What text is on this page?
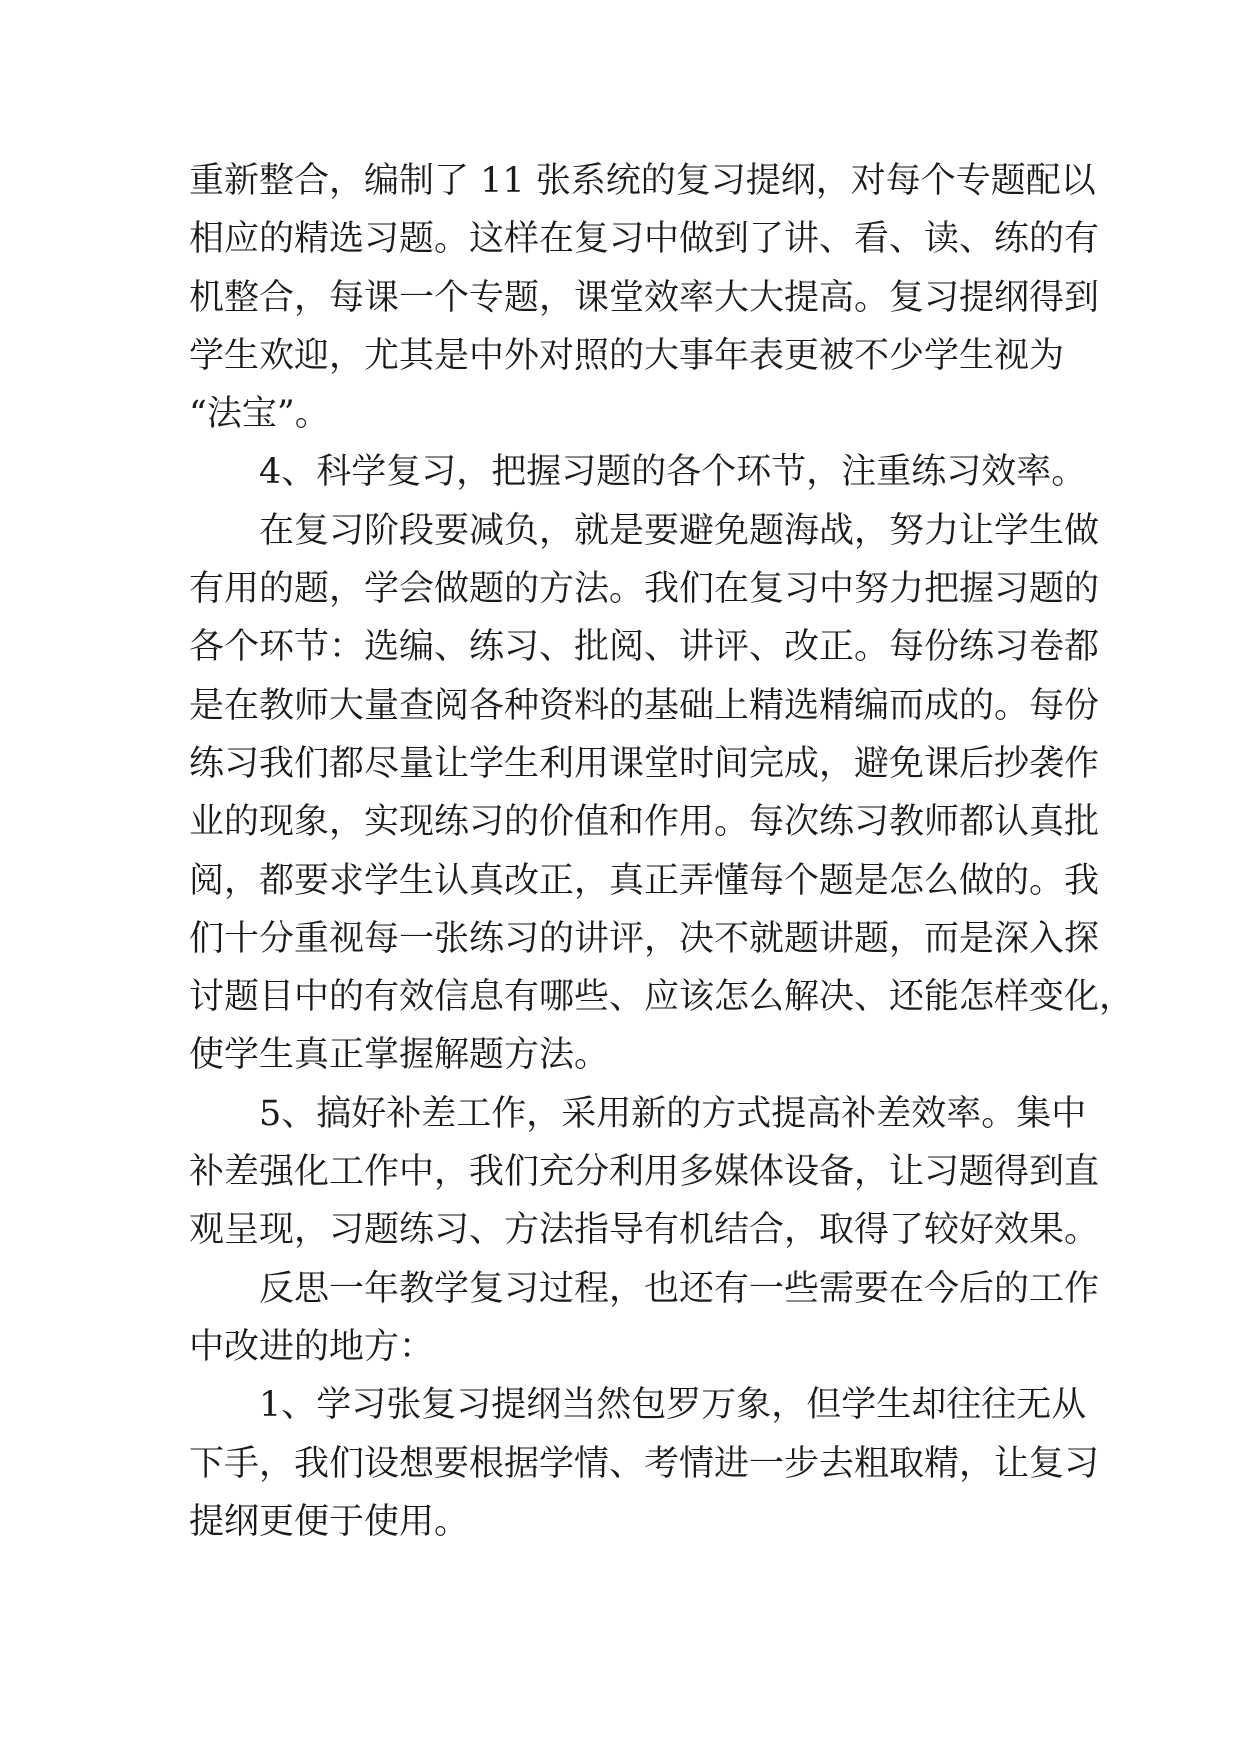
重新整合，编制了 11 张系统的复习提纲，对每个专题配以
相应的精选习题。这样在复习中做到了讲、看、读、练的有
机整合，每课一个专题，课堂效率大大提高。复习提纲得到
学生欢迎，尤其是中外对照的大事年表更被不少学生视为
“法宝”。
4、科学复习，把握习题的各个环节，注重练习效率。
在复习阶段要减负，就是要避免题海战，努力让学生做
有用的题，学会做题的方法。我们在复习中努力把握习题的
各个环节：选编、练习、批阅、讲评、改正。每份练习卷都
是在教师大量查阅各种资料的基础上精选精编而成的。每份
练习我们都尽量让学生利用课堂时间完成，避免课后抄袭作
业的现象，实现练习的价值和作用。每次练习教师都认真批
阅，都要求学生认真改正，真正弄懂每个题是怎么做的。我
们十分重视每一张练习的讲评，决不就题讲题，而是深入探
讨题目中的有效信息有哪些、应该怎么解决、还能怎样变化，
使学生真正掌握解题方法。
5、搞好补差工作，采用新的方式提高补差效率。集中
补差强化工作中，我们充分利用多媒体设备，让习题得到直
观呈现，习题练习、方法指导有机结合，取得了较好效果。
反思一年教学复习过程，也还有一些需要在今后的工作
中改进的地方：
1、学习张复习提纲当然包罗万象，但学生却往往无从
下手，我们设想要根据学情、考情进一步去粗取精，让复习
提纲更便于使用。
